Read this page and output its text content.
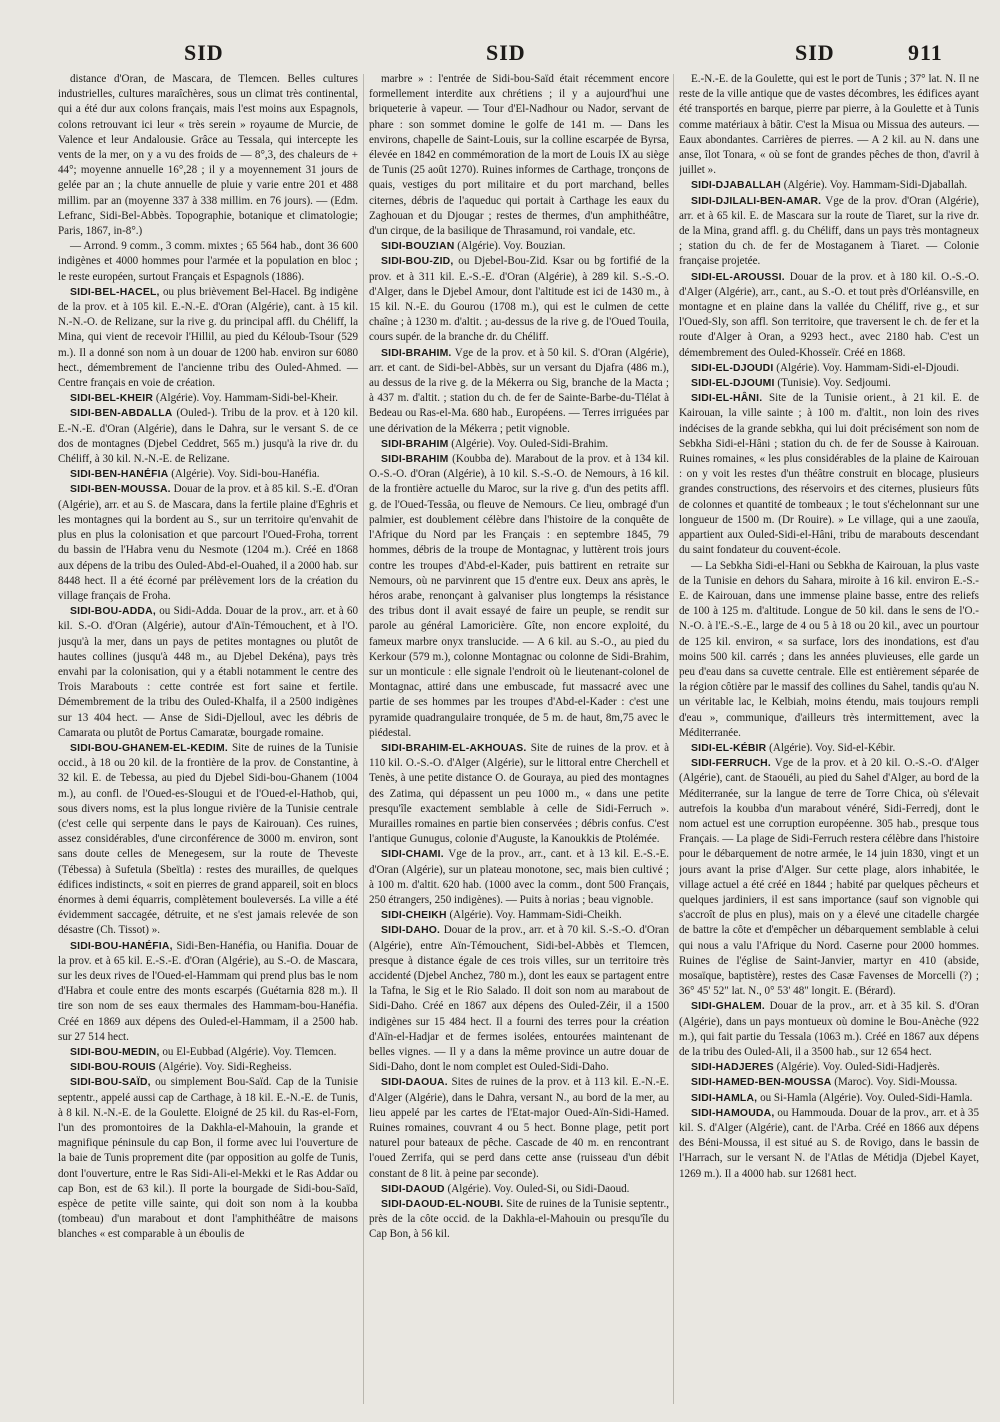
SID	SID	SID	911

distance d'Oran, de Mascara, de Tlemcen. Belles cultures industrielles, cultures maraîchères, sous un climat très continental, qui a été dur aux colons français, mais l'est moins aux Espagnols, colons retrouvant ici leur « très serein » royaume de Murcie, de Valence et leur Andalousie. Grâce au Tessala, qui intercepte les vents de la mer, on y a vu des froids de — 8°,3, des chaleurs de + 44°; moyenne annuelle 16°,28 ; il y a moyennement 31 jours de gelée par an ; la chute annuelle de pluie y varie entre 201 et 488 millim. par an (moyenne 337 à 338 millim. en 76 jours). — (Edm. Lefranc, Sidi-Bel-Abbès. Topographie, botanique et climatologie; Paris, 1867, in-8°.)

— Arrond. 9 comm., 3 comm. mixtes ; 65 564 hab., dont 36 600 indigènes et 4000 hommes pour l'armée et la population en bloc ; le reste européen, surtout Français et Espagnols (1886).

SIDI-BEL-HACEL, ou plus brièvement Bel-Hacel. Bg indigène de la prov. et à 105 kil. E.-N.-E. d'Oran (Algérie), cant. à 15 kil. N.-N.-O. de Relizane, sur la rive g. du principal affl. du Chéliff, la Mina, qui vient de recevoir l'Hillil, au pied du Kéloub-Tsour (529 m.). Il a donné son nom à un douar de 1200 hab. environ sur 6080 hect., démembrement de l'ancienne tribu des Ouled-Ahmed. — Centre français en voie de création.

SIDI-BEL-KHEIR (Algérie). Voy. Hammam-Sidi-bel-Kheir.

SIDI-BEN-ABDALLA (Ouled-). Tribu de la prov. et à 120 kil. E.-N.-E. d'Oran (Algérie), dans le Dahra, sur le versant S. de ce dos de montagnes (Djebel Ceddret, 565 m.) jusqu'à la rive dr. du Chéliff, à 30 kil. N.-N.-E. de Relizane.

SIDI-BEN-HANÉFIA (Algérie). Voy. Sidi-bou-Hanéfia.

SIDI-BEN-MOUSSA. Douar de la prov. et à 85 kil. S.-E. d'Oran (Algérie), arr. et au S. de Mascara, dans la fertile plaine d'Eghris et les montagnes qui la bordent au S., sur un territoire qu'envahit de plus en plus la colonisation et que parcourt l'Oued-Froha, torrent du bassin de l'Habra venu du Nesmote (1204 m.). Créé en 1868 aux dépens de la tribu des Ouled-Abd-el-Ouahed, il a 2000 hab. sur 8448 hect. Il a été écorné par prélèvement lors de la création du village français de Froha.

SIDI-BOU-ADDA, ou Sidi-Adda. Douar de la prov., arr. et à 60 kil. S.-O. d'Oran (Algérie), autour d'Aïn-Témouchent, et à l'O. jusqu'à la mer, dans un pays de petites montagnes ou plutôt de hautes collines (jusqu'à 448 m., au Djebel Dekéna), pays très envahi par la colonisation, qui y a établi notamment le centre des Trois Marabouts : cette contrée est fort saine et fertile. Démembrement de la tribu des Ouled-Khalfa, il a 2500 indigènes sur 13 404 hect. — Anse de Sidi-Djelloul, avec les débris de Camarata ou plutôt de Portus Camaratæ, bourgade romaine.

SIDI-BOU-GHANEM-EL-KEDIM. Site de ruines de la Tunisie occid., à 18 ou 20 kil. de la frontière de la prov. de Constantine, à 32 kil. E. de Tebessa, au pied du Djebel Sidi-bou-Ghanem (1004 m.), au confl. de l'Oued-es-Slougui et de l'Oued-el-Hathob, qui, sous divers noms, est la plus longue rivière de la Tunisie centrale (c'est celle qui serpente dans le pays de Kairouan). Ces ruines, assez considérables, d'une circonférence de 3000 m. environ, sont sans doute celles de Menegesem, sur la route de Theveste (Tébessa) à Sufetula (Sbeïtla) : restes des murailles, de quelques édifices indistincts, « soit en pierres de grand appareil, soit en blocs énormes à demi équarris, complètement bouleversés. La ville a été évidemment saccagée, détruite, et ne s'est jamais relevée de son désastre (Ch. Tissot) ».

SIDI-BOU-HANÉFIA, Sidi-Ben-Hanéfia, ou Hanifia. Douar de la prov. et à 65 kil. E.-S.-E. d'Oran (Algérie), au S.-O. de Mascara, sur les deux rives de l'Oued-el-Hammam qui prend plus bas le nom d'Habra et coule entre des monts escarpés (Guétarnia 828 m.). Il tire son nom de ses eaux thermales des Hammam-bou-Hanéfia. Créé en 1869 aux dépens des Ouled-el-Hammam, il a 2500 hab. sur 27 514 hect.

SIDI-BOU-MEDIN, ou El-Eubbad (Algérie). Voy. Tlemcen.

SIDI-BOU-ROUIS (Algérie). Voy. Sidi-Regheiss.

SIDI-BOU-SAÏD, ou simplement Bou-Saïd. Cap de la Tunisie septentr., appelé aussi cap de Carthage, à 18 kil. E.-N.-E. de Tunis, à 8 kil. N.-N.-E. de la Goulette. Eloigné de 25 kil. du Ras-el-Forn, l'un des promontoires de la Dakhla-el-Mahouin, la grande et magnifique péninsule du cap Bon, il forme avec lui l'ouverture de la baie de Tunis proprement dite (par opposition au golfe de Tunis, dont l'ouverture, entre le Ras Sidi-Ali-el-Mekki et le Ras Addar ou cap Bon, est de 63 kil.). Il porte la bourgade de Sidi-bou-Saïd, espèce de petite ville sainte, qui doit son nom à la koubba (tombeau) d'un marabout et dont l'amphithéâtre de maisons blanches « est comparable à un éboulis de

marbre » : l'entrée de Sidi-bou-Saïd était récemment encore formellement interdite aux chrétiens ; il y a aujourd'hui une briqueterie à vapeur. — Tour d'El-Nadhour ou Nador, servant de phare : son sommet domine le golfe de 141 m. — Dans les environs, chapelle de Saint-Louis, sur la colline escarpée de Byrsa, élevée en 1842 en commémoration de la mort de Louis IX au siège de Tunis (25 août 1270). Ruines informes de Carthage, tronçons de quais, vestiges du port militaire et du port marchand, belles citernes, débris de l'aqueduc qui portait à Carthage les eaux du Zaghouan et du Djougar ; restes de thermes, d'un amphithéâtre, d'un cirque, de la basilique de Thrasamund, roi vandale, etc.

SIDI-BOUZIAN (Algérie). Voy. Bouzian.

SIDI-BOU-ZID, ou Djebel-Bou-Zid. Ksar ou bg fortifié de la prov. et à 311 kil. E.-S.-E. d'Oran (Algérie), à 289 kil. S.-S.-O. d'Alger, dans le Djebel Amour, dont l'altitude est ici de 1430 m., à 15 kil. N.-E. du Gourou (1708 m.), qui est le culmen de cette chaîne ; à 1230 m. d'altit. ; au-dessus de la rive g. de l'Oued Touila, cours supér. de la branche dr. du Chéliff.

SIDI-BRAHIM. Vge de la prov. et à 50 kil. S. d'Oran (Algérie), arr. et cant. de Sidi-bel-Abbès, sur un versant du Djafra (486 m.), au dessus de la rive g. de la Mékerra ou Sig, branche de la Macta ; à 437 m. d'altit. ; station du ch. de fer de Sainte-Barbe-du-Tlélat à Bedeau ou Ras-el-Ma. 680 hab., Européens. — Terres irriguées par une dérivation de la Mékerra ; petit vignoble.

SIDI-BRAHIM (Algérie). Voy. Ouled-Sidi-Brahim.

SIDI-BRAHIM (Koubba de). Marabout de la prov. et à 134 kil. O.-S.-O. d'Oran (Algérie), à 10 kil. S.-S.-O. de Nemours, à 16 kil. de la frontière actuelle du Maroc, sur la rive g. d'un des petits affl. g. de l'Oued-Tessâa, ou fleuve de Nemours. Ce lieu, ombragé d'un palmier, est doublement célèbre dans l'histoire de la conquête de l'Afrique du Nord par les Français : en septembre 1845, 79 hommes, débris de la troupe de Montagnac, y luttèrent trois jours contre les troupes d'Abd-el-Kader, puis battirent en retraite sur Nemours, où ne parvinrent que 15 d'entre eux. Deux ans après, le héros arabe, renonçant à galvaniser plus longtemps la résistance des tribus dont il avait essayé de faire un peuple, se rendit sur parole au général Lamoricière. Gîte, non encore exploité, du fameux marbre onyx translucide. — A 6 kil. au S.-O., au pied du Kerkour (579 m.), colonne Montagnac ou colonne de Sidi-Brahim, sur un monticule : elle signale l'endroit où le lieutenant-colonel de Montagnac, attiré dans une embuscade, fut massacré avec une partie de ses hommes par les troupes d'Abd-el-Kader : c'est une pyramide quadrangulaire tronquée, de 5 m. de haut, 8m,75 avec le piédestal.

SIDI-BRAHIM-EL-AKHOUAS. Site de ruines de la prov. et à 110 kil. O.-S.-O. d'Alger (Algérie), sur le littoral entre Cherchell et Tenès, à une petite distance O. de Gouraya, au pied des montagnes des Zatima, qui dépassent un peu 1000 m., « dans une petite presqu'île exactement semblable à celle de Sidi-Ferruch ». Murailles romaines en partie bien conservées ; débris confus. C'est l'antique Gunugus, colonie d'Auguste, la Kanoukkis de Ptolémée.

SIDI-CHAMI. Vge de la prov., arr., cant. et à 13 kil. E.-S.-E. d'Oran (Algérie), sur un plateau monotone, sec, mais bien cultivé ; à 100 m. d'altit. 620 hab. (1000 avec la comm., dont 500 Français, 250 étrangers, 250 indigènes). — Puits à norias ; beau vignoble.

SIDI-CHEIKH (Algérie). Voy. Hammam-Sidi-Cheikh.

SIDI-DAHO. Douar de la prov., arr. et à 70 kil. S.-S.-O. d'Oran (Algérie), entre Aïn-Témouchent, Sidi-bel-Abbès et Tlemcen, presque à distance égale de ces trois villes, sur un territoire très accidenté (Djebel Anchez, 780 m.), dont les eaux se partagent entre la Tafna, le Sig et le Rio Salado. Il doit son nom au marabout de Sidi-Daho. Créé en 1867 aux dépens des Ouled-Zéir, il a 1500 indigènes sur 15 484 hect. Il a fourni des terres pour la création d'Aïn-el-Hadjar et de fermes isolées, entourées maintenant de belles vignes. — Il y a dans la même province un autre douar de Sidi-Daho, dont le nom complet est Ouled-Sidi-Daho.

SIDI-DAOUA. Sites de ruines de la prov. et à 113 kil. E.-N.-E. d'Alger (Algérie), dans le Dahra, versant N., au bord de la mer, au lieu appelé par les cartes de l'Etat-major Oued-Aïn-Sidi-Hamed. Ruines romaines, couvrant 4 ou 5 hect. Bonne plage, petit port naturel pour bateaux de pêche. Cascade de 40 m. en rencontrant l'oued Zerrifa, qui se perd dans cette anse (ruisseau d'un débit constant de 8 lit. à peine par seconde).

SIDI-DAOUD (Algérie). Voy. Ouled-Si, ou Sidi-Daoud.

SIDI-DAOUD-EL-NOUBI. Site de ruines de la Tunisie septentr., près de la côte occid. de la Dakhla-el-Mahouin ou presqu'île du Cap Bon, à 56 kil.

E.-N.-E. de la Goulette, qui est le port de Tunis ; 37° lat. N. Il ne reste de la ville antique que de vastes décombres, les édifices ayant été transportés en barque, pierre par pierre, à la Goulette et à Tunis comme matériaux à bâtir. C'est la Misua ou Missua des auteurs. — Eaux abondantes. Carrières de pierres. — A 2 kil. au N. dans une anse, îlot Tonara, « où se font de grandes pêches de thon, d'avril à juillet ».

SIDI-DJABALLAH (Algérie). Voy. Hammam-Sidi-Djaballah.

SIDI-DJILALI-BEN-AMAR. Vge de la prov. d'Oran (Algérie), arr. et à 65 kil. E. de Mascara sur la route de Tiaret, sur la rive dr. de la Mina, grand affl. g. du Chéliff, dans un pays très montagneux ; station du ch. de fer de Mostaganem à Tiaret. — Colonie française projetée.

SIDI-EL-AROUSSI. Douar de la prov. et à 180 kil. O.-S.-O. d'Alger (Algérie), arr., cant., au S.-O. et tout près d'Orléansville, en montagne et en plaine dans la vallée du Chéliff, rive g., et sur l'Oued-Sly, son affl. Son territoire, que traversent le ch. de fer et la route d'Alger à Oran, a 9293 hect., avec 2180 hab. C'est un démembrement des Ouled-Khosseïr. Créé en 1868.

SIDI-EL-DJOUDI (Algérie). Voy. Hammam-Sidi-el-Djoudi.

SIDI-EL-DJOUMI (Tunisie). Voy. Sedjoumi.

SIDI-EL-HÂNI. Site de la Tunisie orient., à 21 kil. E. de Kairouan, la ville sainte ; à 100 m. d'altit., non loin des rives indécises de la grande sebkha, qui lui doit précisément son nom de Sebkha Sidi-el-Hâni ; station du ch. de fer de Sousse à Kairouan. Ruines romaines, « les plus considérables de la plaine de Kairouan : on y voit les restes d'un théâtre construit en blocage, plusieurs grandes constructions, des réservoirs et des citernes, plusieurs fûts de colonnes et quantité de tombeaux ; le tout s'échelonnant sur une longueur de 1500 m. (Dr Rouire). » Le village, qui a une zaouïa, appartient aux Ouled-Sidi-el-Hâni, tribu de marabouts descendant du saint fondateur du couvent-école.

— La Sebkha Sidi-el-Hani ou Sebkha de Kairouan, la plus vaste de la Tunisie en dehors du Sahara, miroite à 16 kil. environ E.-S.-E. de Kairouan, dans une immense plaine basse, entre des reliefs de 100 à 125 m. d'altitude. Longue de 50 kil. dans le sens de l'O.-N.-O. à l'E.-S.-E., large de 4 ou 5 à 18 ou 20 kil., avec un pourtour de 125 kil. environ, « sa surface, lors des inondations, est d'au moins 500 kil. carrés ; dans les années pluvieuses, elle garde un peu d'eau dans sa cuvette centrale. Elle est entièrement séparée de la région côtière par le massif des collines du Sahel, tandis qu'au N. un véritable lac, le Kelbiah, moins étendu, mais toujours rempli d'eau », communique, d'ailleurs très intermittement, avec la Méditerranée.

SIDI-EL-KÉBIR (Algérie). Voy. Sid-el-Kébir.

SIDI-FERRUCH. Vge de la prov. et à 20 kil. O.-S.-O. d'Alger (Algérie), cant. de Staouéli, au pied du Sahel d'Alger, au bord de la Méditerranée, sur la langue de terre de Torre Chica, où s'élevait autrefois la koubba d'un marabout vénéré, Sidi-Ferredj, dont le nom actuel est une corruption européenne. 305 hab., presque tous Français. — La plage de Sidi-Ferruch restera célèbre dans l'histoire pour le débarquement de notre armée, le 14 juin 1830, vingt et un jours avant la prise d'Alger. Sur cette plage, alors inhabitée, le village actuel a été créé en 1844 ; habité par quelques pêcheurs et quelques jardiniers, il est sans importance (sauf son vignoble qui s'accroît de plus en plus), mais on y a élevé une citadelle chargée de battre la côte et d'empêcher un débarquement semblable à celui qui nous a valu l'Afrique du Nord. Caserne pour 2000 hommes. Ruines de l'église de Saint-Janvier, martyr en 410 (abside, mosaïque, baptistère), restes des Casæ Favenses de Morcelli (?) ; 36° 45' 52" lat. N., 0° 53' 48" longit. E. (Bérard).

SIDI-GHALEM. Douar de la prov., arr. et à 35 kil. S. d'Oran (Algérie), dans un pays montueux où domine le Bou-Anèche (922 m.), qui fait partie du Tessala (1063 m.). Créé en 1867 aux dépens de la tribu des Ouled-Ali, il a 3500 hab., sur 12 654 hect.

SIDI-HADJERES (Algérie). Voy. Ouled-Sidi-Hadjerès.

SIDI-HAMED-BEN-MOUSSA (Maroc). Voy. Sidi-Moussa.

SIDI-HAMLA, ou Si-Hamla (Algérie). Voy. Ouled-Sidi-Hamla.

SIDI-HAMOUDA, ou Hammouda. Douar de la prov., arr. et à 35 kil. S. d'Alger (Algérie), cant. de l'Arba. Créé en 1866 aux dépens des Béni-Moussa, il est situé au S. de Rovigo, dans le bassin de l'Harrach, sur le versant N. de l'Atlas de Métidja (Djebel Kayet, 1269 m.). Il a 4000 hab. sur 12681 hect.
